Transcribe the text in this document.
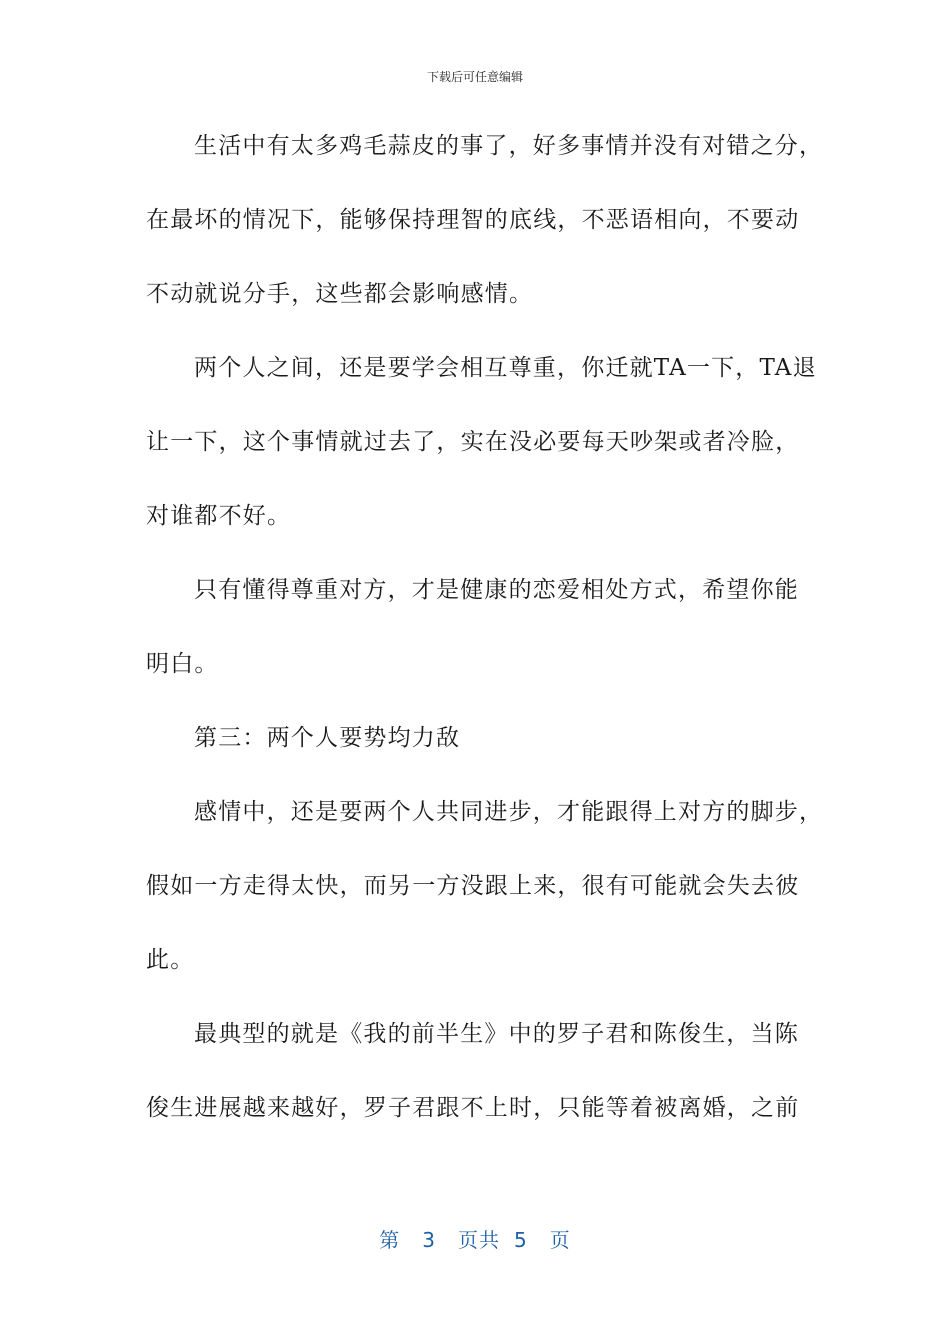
下载后可任意编辑
生活中有太多鸡毛蒜皮的事了，好多事情并没有对错之分，
在最坏的情况下，能够保持理智的底线，不恶语相向，不要动
不动就说分手，这些都会影响感情。
两个人之间，还是要学会相互尊重，你迁就TA一下，TA退
让一下，这个事情就过去了，实在没必要每天吵架或者冷脸，
对谁都不好。
只有懂得尊重对方，才是健康的恋爱相处方式，希望你能
明白。
第三：两个人要势均力敌
感情中，还是要两个人共同进步，才能跟得上对方的脚步，
假如一方走得太快，而另一方没跟上来，很有可能就会失去彼
此。
最典型的就是《我的前半生》中的罗子君和陈俊生，当陈
俊生进展越来越好，罗子君跟不上时，只能等着被离婚，之前
第 3 页共 5 页
